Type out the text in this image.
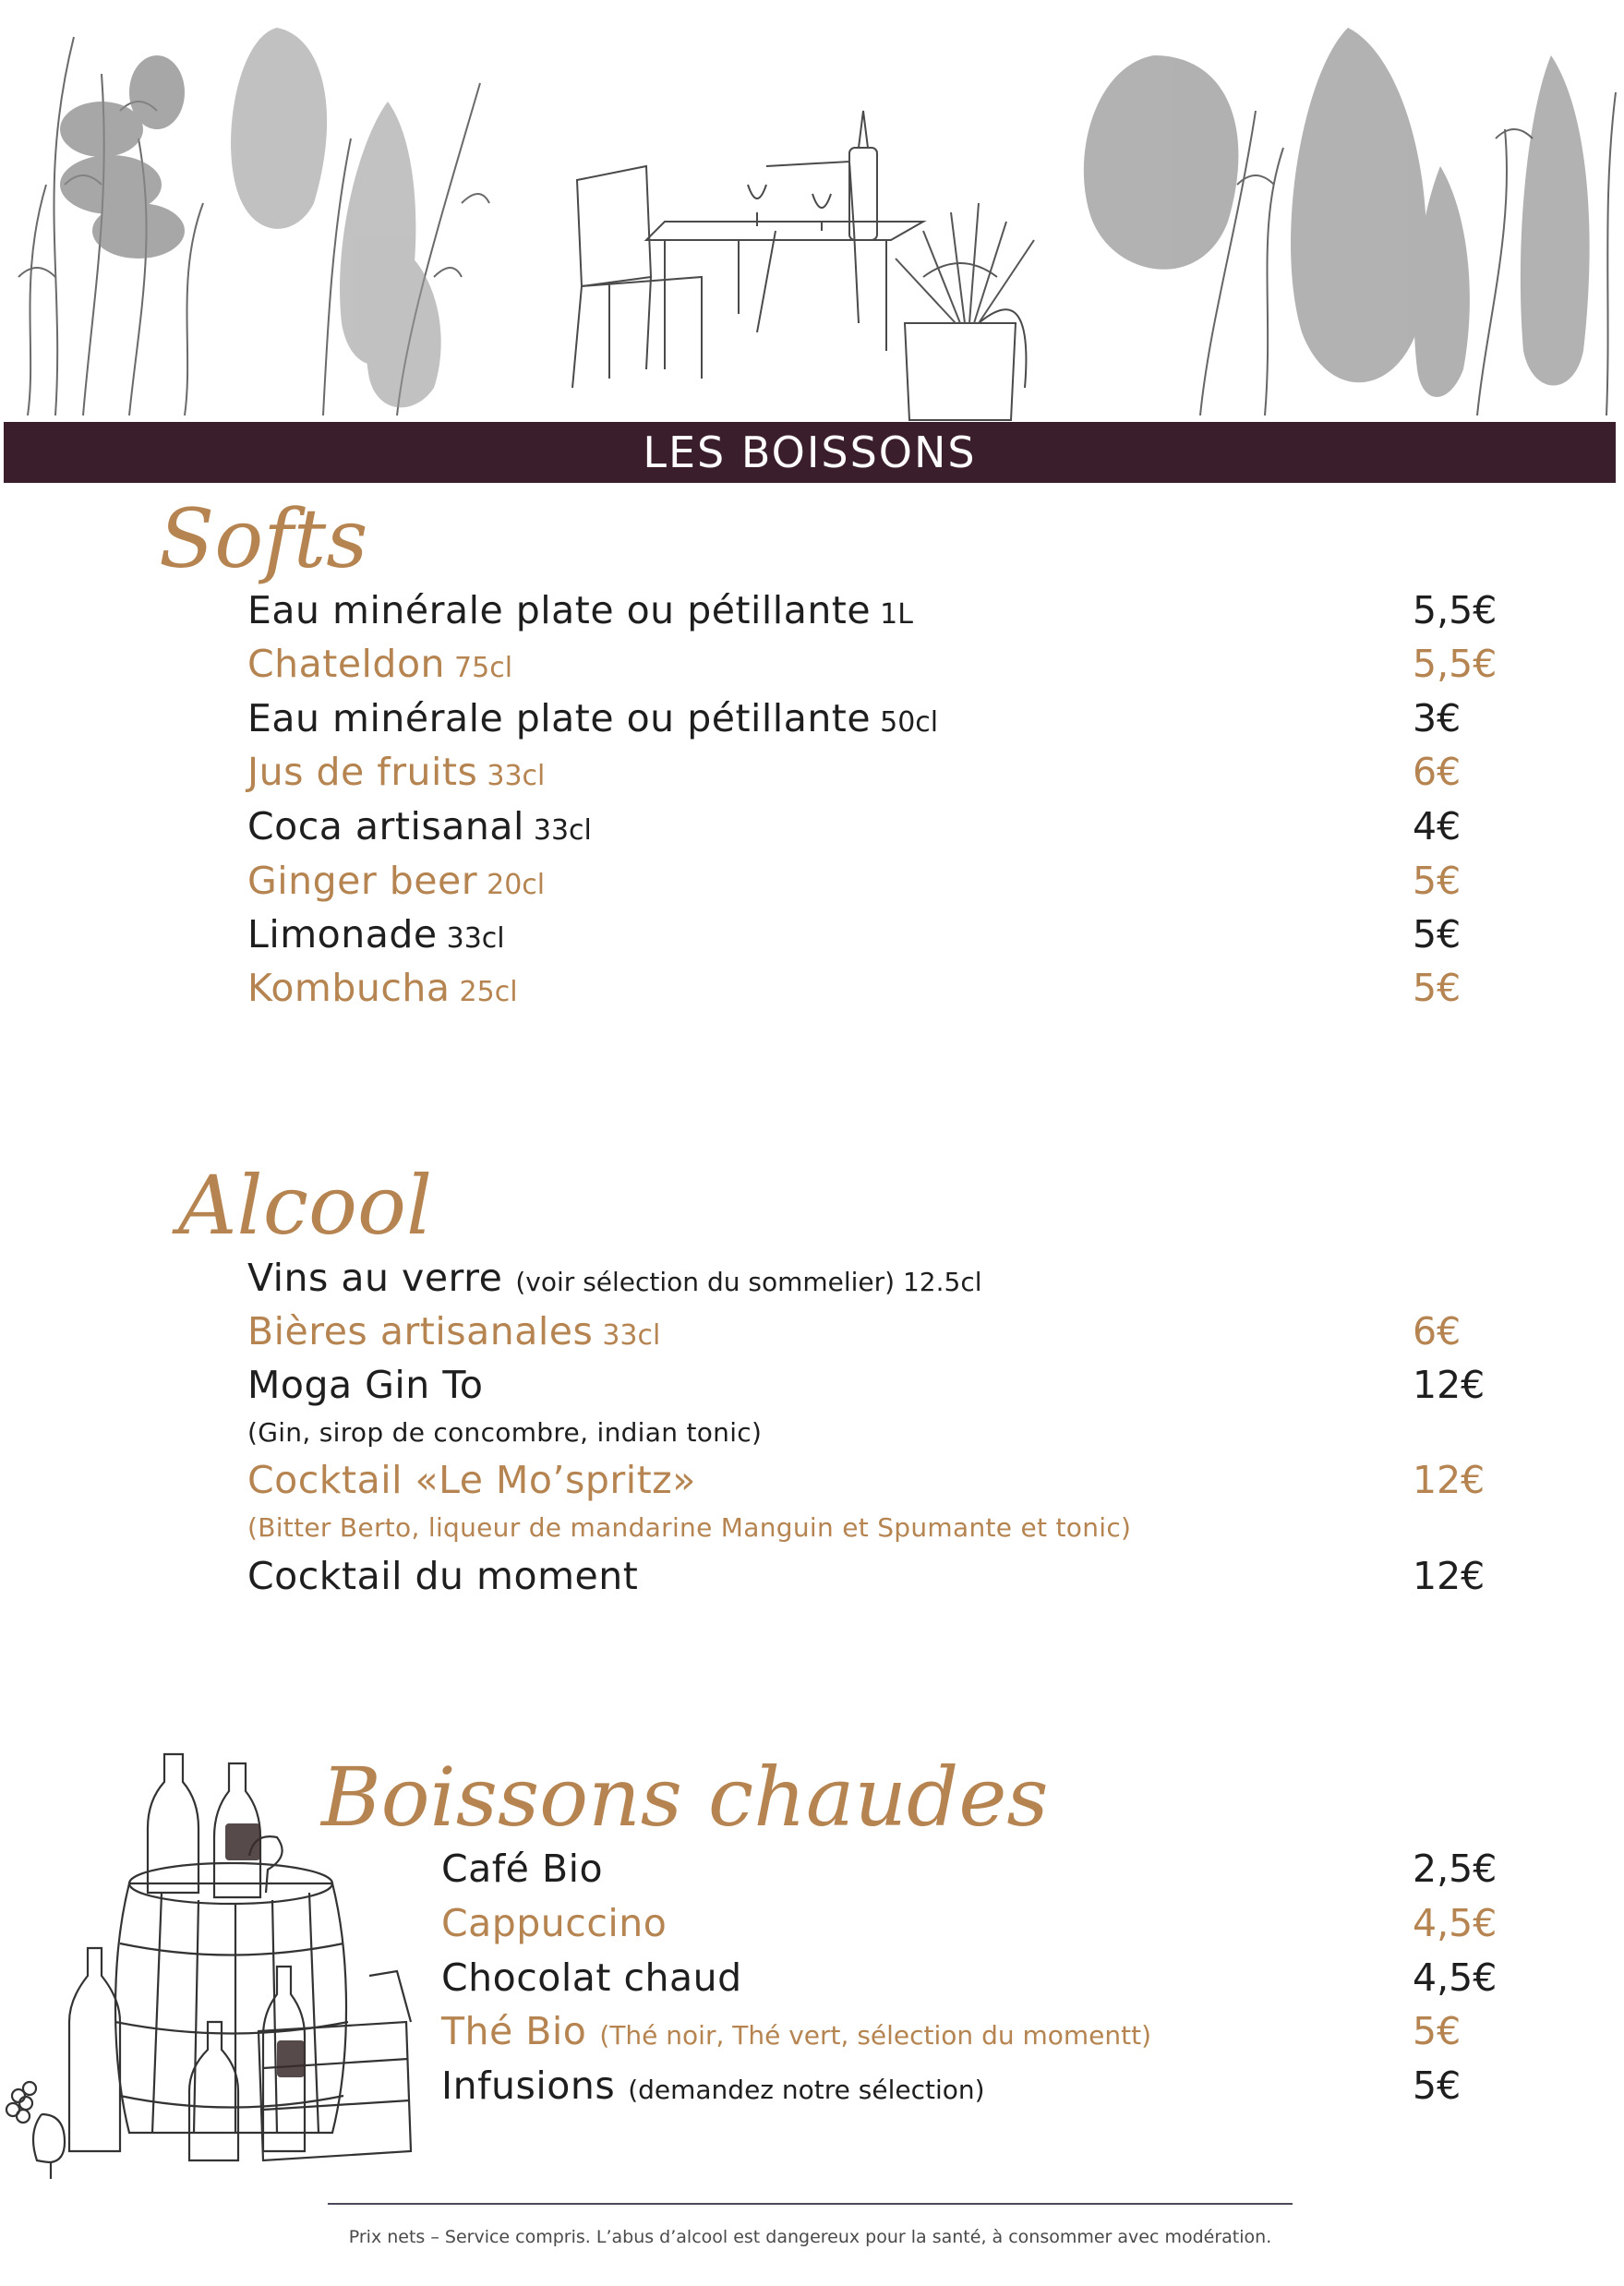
LES BOISSONS
Softs
Eau minérale plate ou pétillante 1L	5,5€
Chateldon 75cl	5,5€
Eau minérale plate ou pétillante 50cl	3€
Jus de fruits 33cl	6€
Coca artisanal 33cl	4€
Ginger beer 20cl	5€
Limonade 33cl	5€
Kombucha 25cl	5€
Alcool
Vins au verre (voir sélection du sommelier) 12.5cl
Bières artisanales 33cl	6€
Moga Gin To	12€
(Gin, sirop de concombre, indian tonic)
Cocktail «Le Mo’spritz»	12€
(Bitter Berto, liqueur de mandarine Manguin et Spumante et tonic)
Cocktail du moment	12€
Boissons chaudes
Café Bio	2,5€
Cappuccino	4,5€
Chocolat chaud	4,5€
Thé Bio (Thé noir, Thé vert, sélection du momentt)	5€
Infusions (demandez notre sélection)	5€
Prix nets – Service compris. L’abus d’alcool est dangereux pour la santé, à consommer avec modération.
